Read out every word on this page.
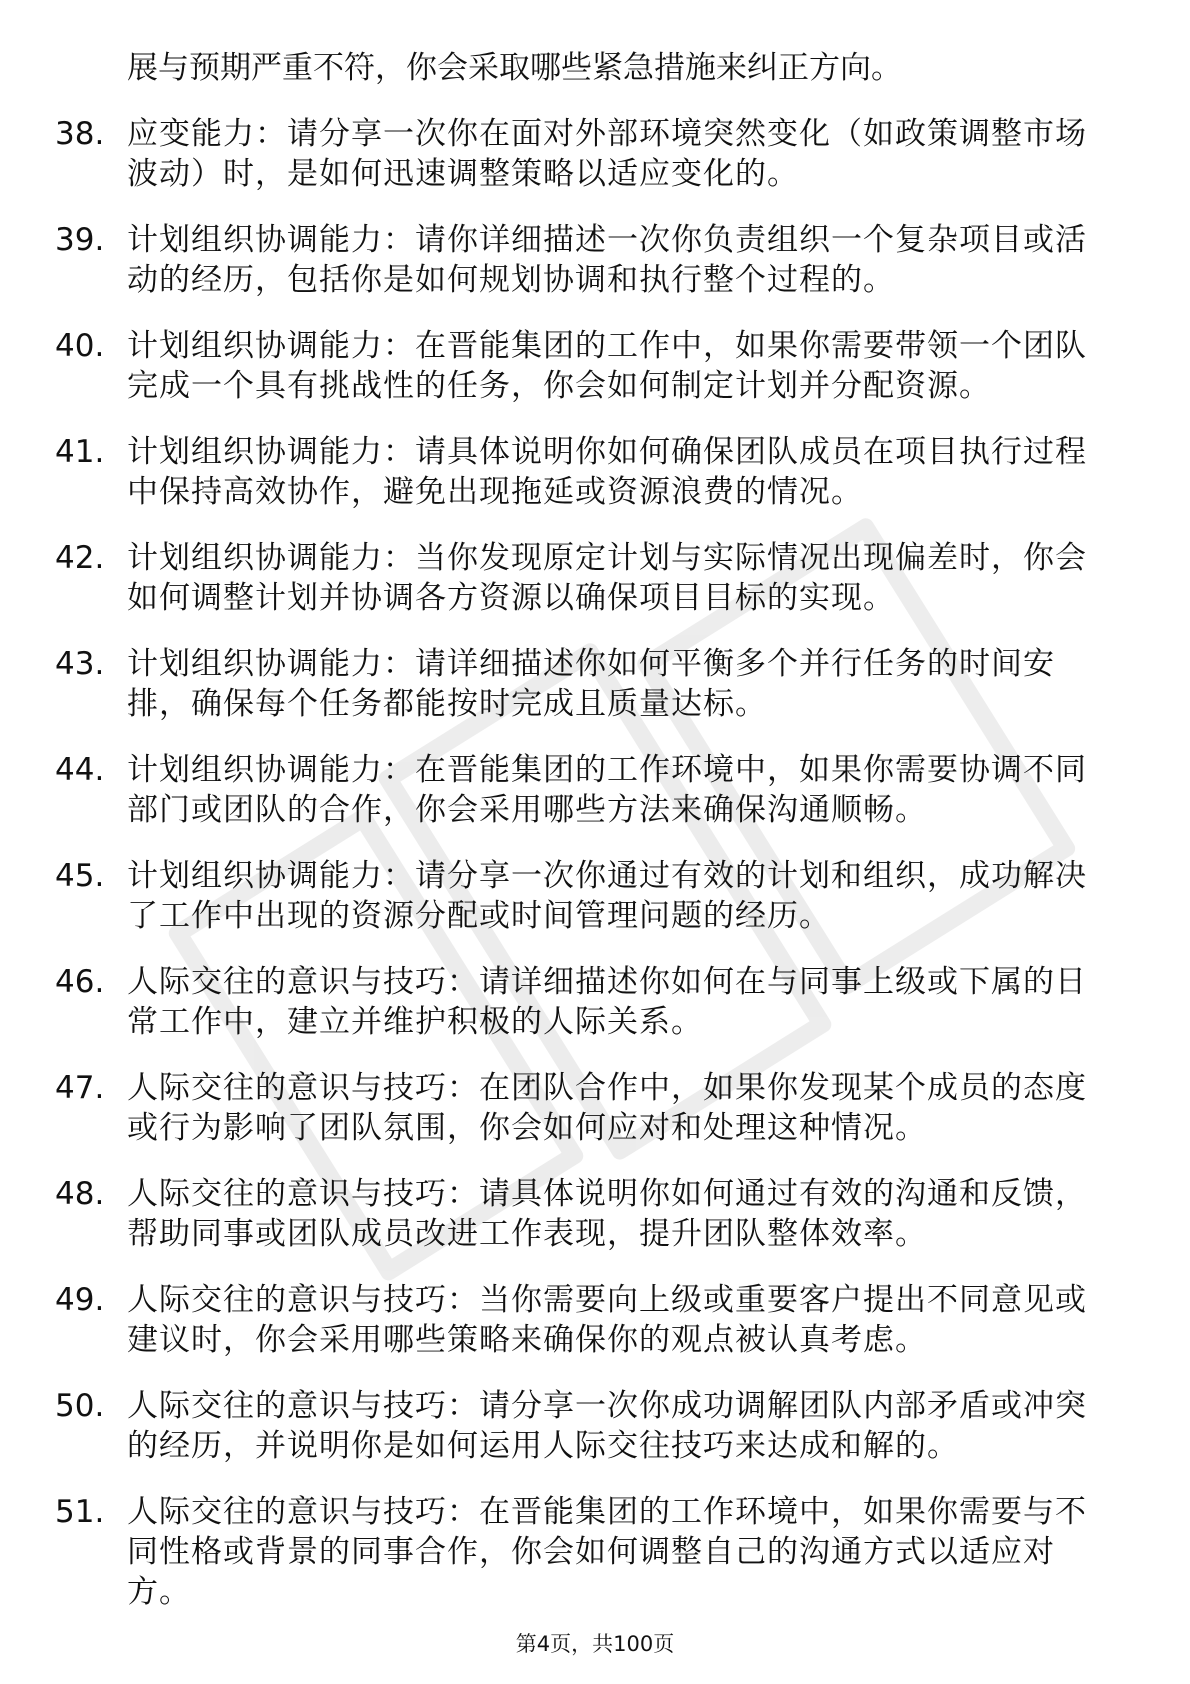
展与预期严重不符，你会采取哪些紧急措施来纠正方向。
38. 应变能力：请分享一次你在面对外部环境突然变化（如政策调整市场波动）时，是如何迅速调整策略以适应变化的。
39. 计划组织协调能力：请你详细描述一次你负责组织一个复杂项目或活动的经历，包括你是如何规划协调和执行整个过程的。
40. 计划组织协调能力：在晋能集团的工作中，如果你需要带领一个团队完成一个具有挑战性的任务，你会如何制定计划并分配资源。
41. 计划组织协调能力：请具体说明你如何确保团队成员在项目执行过程中保持高效协作，避免出现拖延或资源浪费的情况。
42. 计划组织协调能力：当你发现原定计划与实际情况出现偏差时，你会如何调整计划并协调各方资源以确保项目目标的实现。
43. 计划组织协调能力：请详细描述你如何平衡多个并行任务的时间安排，确保每个任务都能按时完成且质量达标。
44. 计划组织协调能力：在晋能集团的工作环境中，如果你需要协调不同部门或团队的合作，你会采用哪些方法来确保沟通顺畅。
45. 计划组织协调能力：请分享一次你通过有效的计划和组织，成功解决了工作中出现的资源分配或时间管理问题的经历。
46. 人际交往的意识与技巧：请详细描述你如何在与同事上级或下属的日常工作中，建立并维护积极的人际关系。
47. 人际交往的意识与技巧：在团队合作中，如果你发现某个成员的态度或行为影响了团队氛围，你会如何应对和处理这种情况。
48. 人际交往的意识与技巧：请具体说明你如何通过有效的沟通和反馈，帮助同事或团队成员改进工作表现，提升团队整体效率。
49. 人际交往的意识与技巧：当你需要向上级或重要客户提出不同意见或建议时，你会采用哪些策略来确保你的观点被认真考虑。
50. 人际交往的意识与技巧：请分享一次你成功调解团队内部矛盾或冲突的经历，并说明你是如何运用人际交往技巧来达成和解的。
51. 人际交往的意识与技巧：在晋能集团的工作环境中，如果你需要与不同性格或背景的同事合作，你会如何调整自己的沟通方式以适应对方。
第4页，共100页
